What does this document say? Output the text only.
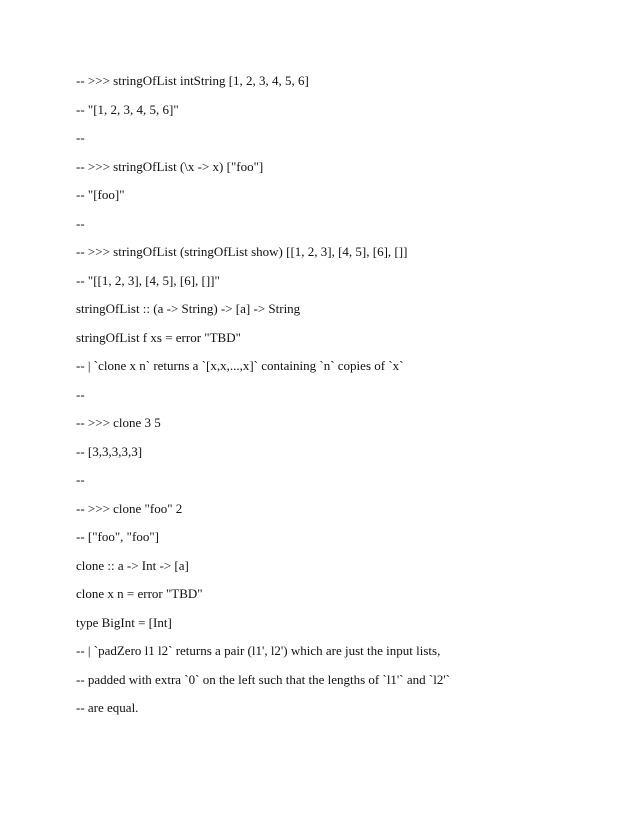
-- >>> stringOfList intString [1, 2, 3, 4, 5, 6]
-- "[1, 2, 3, 4, 5, 6]"
--
-- >>> stringOfList (\x -> x) ["foo"]
-- "[foo]"
--
-- >>> stringOfList (stringOfList show) [[1, 2, 3], [4, 5], [6], []]
-- "[[1, 2, 3], [4, 5], [6], []]"
stringOfList :: (a -> String) -> [a] -> String
stringOfList f xs = error "TBD"
-- | `clone x n` returns a `[x,x,...,x]` containing `n` copies of `x`
--
-- >>> clone 3 5
-- [3,3,3,3,3]
--
-- >>> clone "foo" 2
-- ["foo", "foo"]
clone :: a -> Int -> [a]
clone x n = error "TBD"
type BigInt = [Int]
-- | `padZero l1 l2` returns a pair (l1', l2') which are just the input lists,
-- padded with extra `0` on the left such that the lengths of `l1'` and `l2'`
-- are equal.
